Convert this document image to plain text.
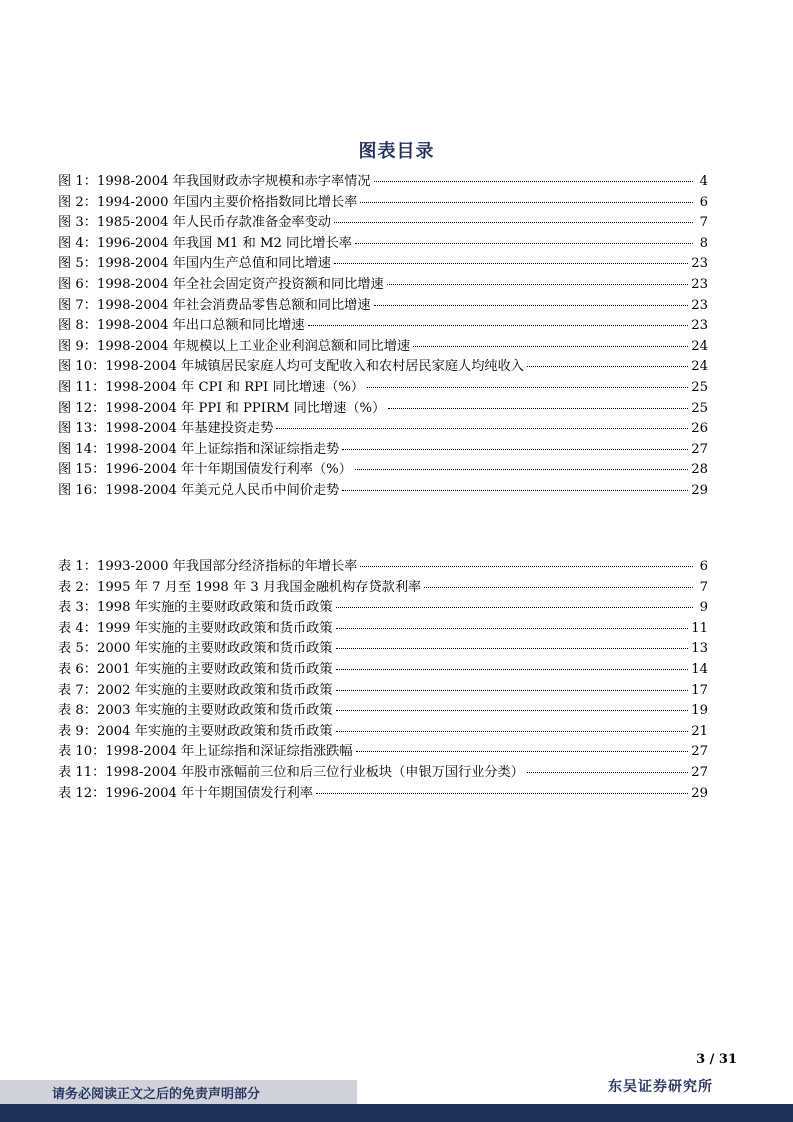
图表目录
图 1：1998-2004 年我国财政赤字规模和赤字率情况	4
图 2：1994-2000 年国内主要价格指数同比增长率	6
图 3：1985-2004 年人民币存款准备金率变动	7
图 4：1996-2004 年我国 M1 和 M2 同比增长率	8
图 5：1998-2004 年国内生产总值和同比增速	23
图 6：1998-2004 年全社会固定资产投资额和同比增速	23
图 7：1998-2004 年社会消费品零售总额和同比增速	23
图 8：1998-2004 年出口总额和同比增速	23
图 9：1998-2004 年规模以上工业企业利润总额和同比增速	24
图 10：1998-2004 年城镇居民家庭人均可支配收入和农村居民家庭人均纯收入	24
图 11：1998-2004 年 CPI 和 RPI 同比增速（%）	25
图 12：1998-2004 年 PPI 和 PPIRM 同比增速（%）	25
图 13：1998-2004 年基建投资走势	26
图 14：1998-2004 年上证综指和深证综指走势	27
图 15：1996-2004 年十年期国债发行利率（%）	28
图 16：1998-2004 年美元兑人民币中间价走势	29
表 1：1993-2000 年我国部分经济指标的年增长率	6
表 2：1995 年 7 月至 1998 年 3 月我国金融机构存贷款利率	7
表 3：1998 年实施的主要财政政策和货币政策	9
表 4：1999 年实施的主要财政政策和货币政策	11
表 5：2000 年实施的主要财政政策和货币政策	13
表 6：2001 年实施的主要财政政策和货币政策	14
表 7：2002 年实施的主要财政政策和货币政策	17
表 8：2003 年实施的主要财政政策和货币政策	19
表 9：2004 年实施的主要财政政策和货币政策	21
表 10：1998-2004 年上证综指和深证综指涨跌幅	27
表 11：1998-2004 年股市涨幅前三位和后三位行业板块（申银万国行业分类）	27
表 12：1996-2004 年十年期国债发行利率	29
3 / 31
请务必阅读正文之后的免责声明部分	东吴证券研究所
